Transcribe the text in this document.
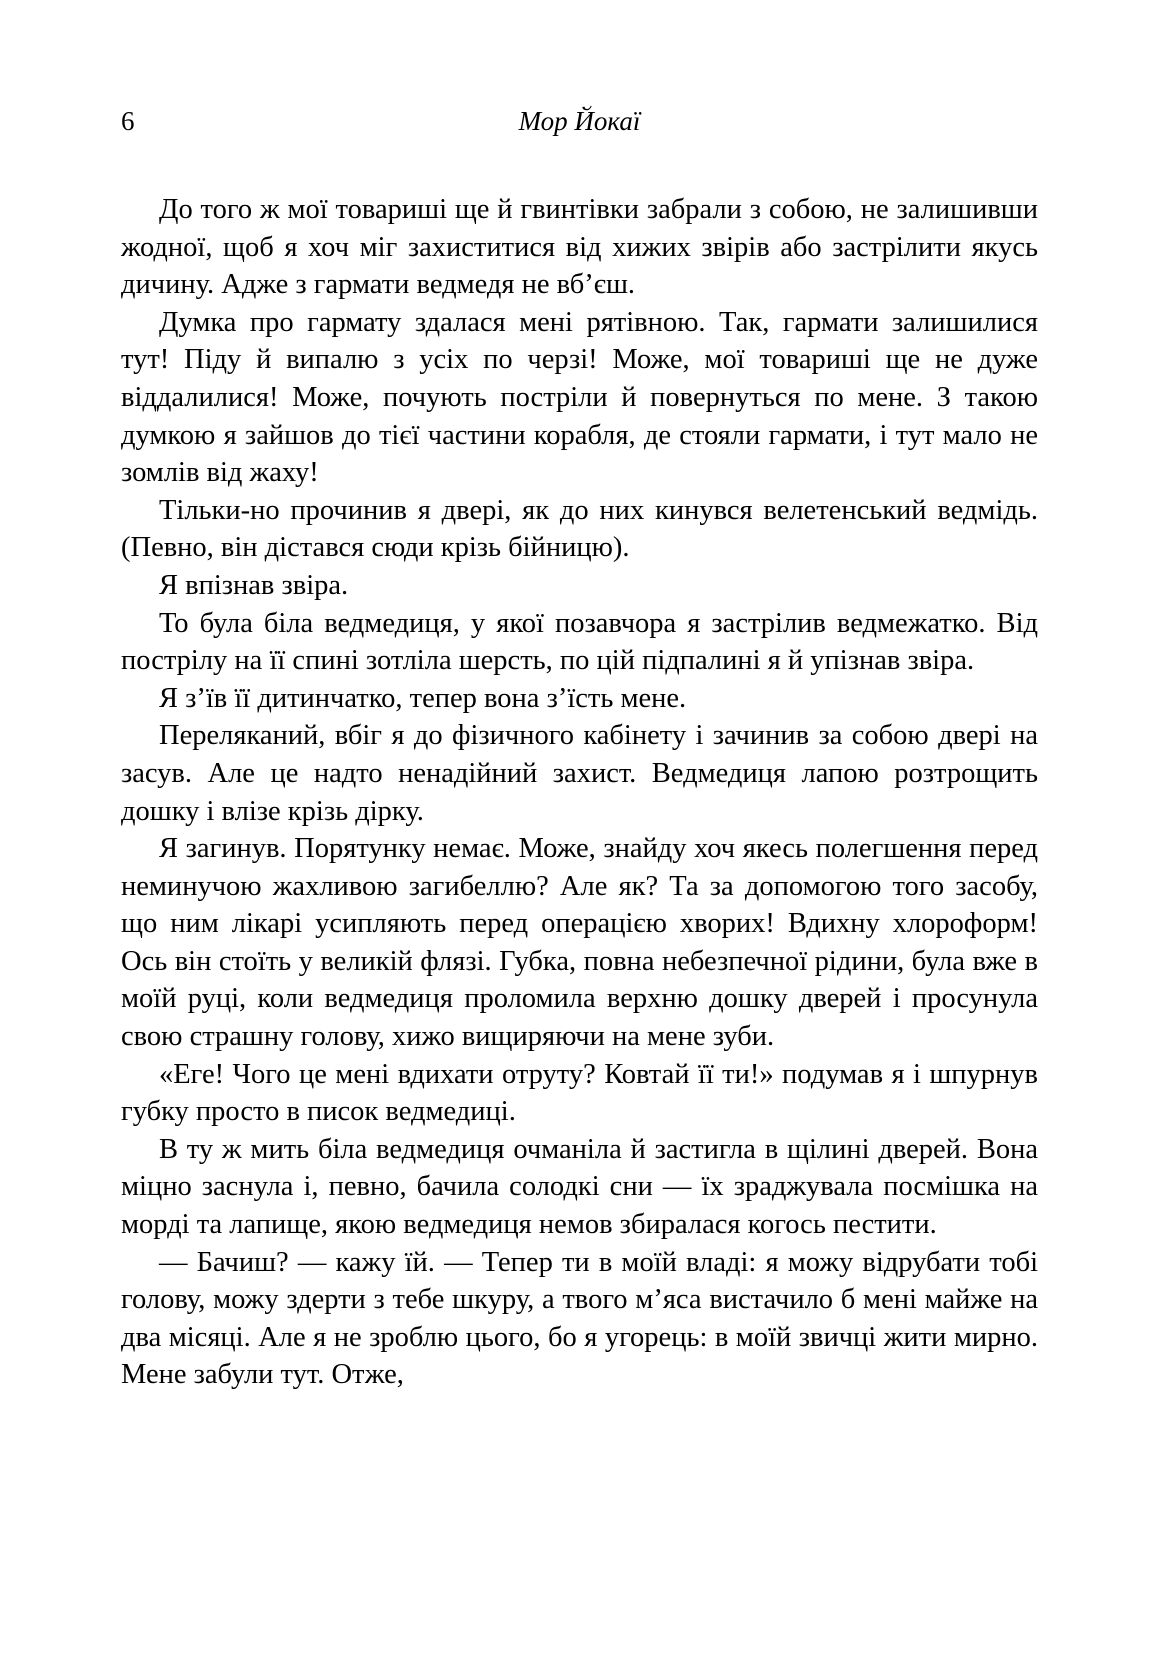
6	Мор Йокаї

До того ж мої товариші ще й гвинтівки забрали з собою, не залишивши жодної, щоб я хоч міг захиститися від хижих звірів або застрілити якусь дичину. Адже з гармати ведмедя не вб’єш.

Думка про гармату здалася мені рятівною. Так, гармати залишилися тут! Піду й випалю з усіх по черзі! Може, мої товариші ще не дуже віддалилися! Може, почують постріли й повернуться по мене. З такою думкою я зайшов до тієї частини корабля, де стояли гармати, і тут мало не зомлів від жаху!

Тільки-но прочинив я двері, як до них кинувся велетенський ведмідь. (Певно, він дістався сюди крізь бійницю).

Я впізнав звіра.

То була біла ведмедиця, у якої позавчора я застрілив ведмежатко. Від пострілу на її спині зотліла шерсть, по цій підпалині я й упізнав звіра.

Я з’їв її дитинчатко, тепер вона з’їсть мене.

Переляканий, вбіг я до фізичного кабінету і зачинив за собою двері на засув. Але це надто ненадійний захист. Ведмедиця лапою розтрощить дошку і влізе крізь дірку.

Я загинув. Порятунку немає. Може, знайду хоч якесь полегшення перед неминучою жахливою загибеллю? Але як? Та за допомогою того засобу, що ним лікарі усипляють перед операцією хворих! Вдихну хлороформ! Ось він стоїть у великій флязі. Губка, повна небезпечної рідини, була вже в моїй руці, коли ведмедиця проломила верхню дошку дверей і просунула свою страшну голову, хижо вищиряючи на мене зуби.

«Еге! Чого це мені вдихати отруту? Ковтай її ти!» подумав я і шпурнув губку просто в писок ведмедиці.

В ту ж мить біла ведмедиця очманіла й застигла в щілині дверей. Вона міцно заснула і, певно, бачила солодкі сни — їх зраджувала посмішка на морді та лапище, якою ведмедиця немов збиралася когось пестити.

— Бачиш? — кажу їй. — Тепер ти в моїй владі: я можу відрубати тобі голову, можу здерти з тебе шкуру, а твого м’яса вистачило б мені майже на два місяці. Але я не зроблю цього, бо я угорець: в моїй звичці жити мирно. Мене забули тут. Отже,
